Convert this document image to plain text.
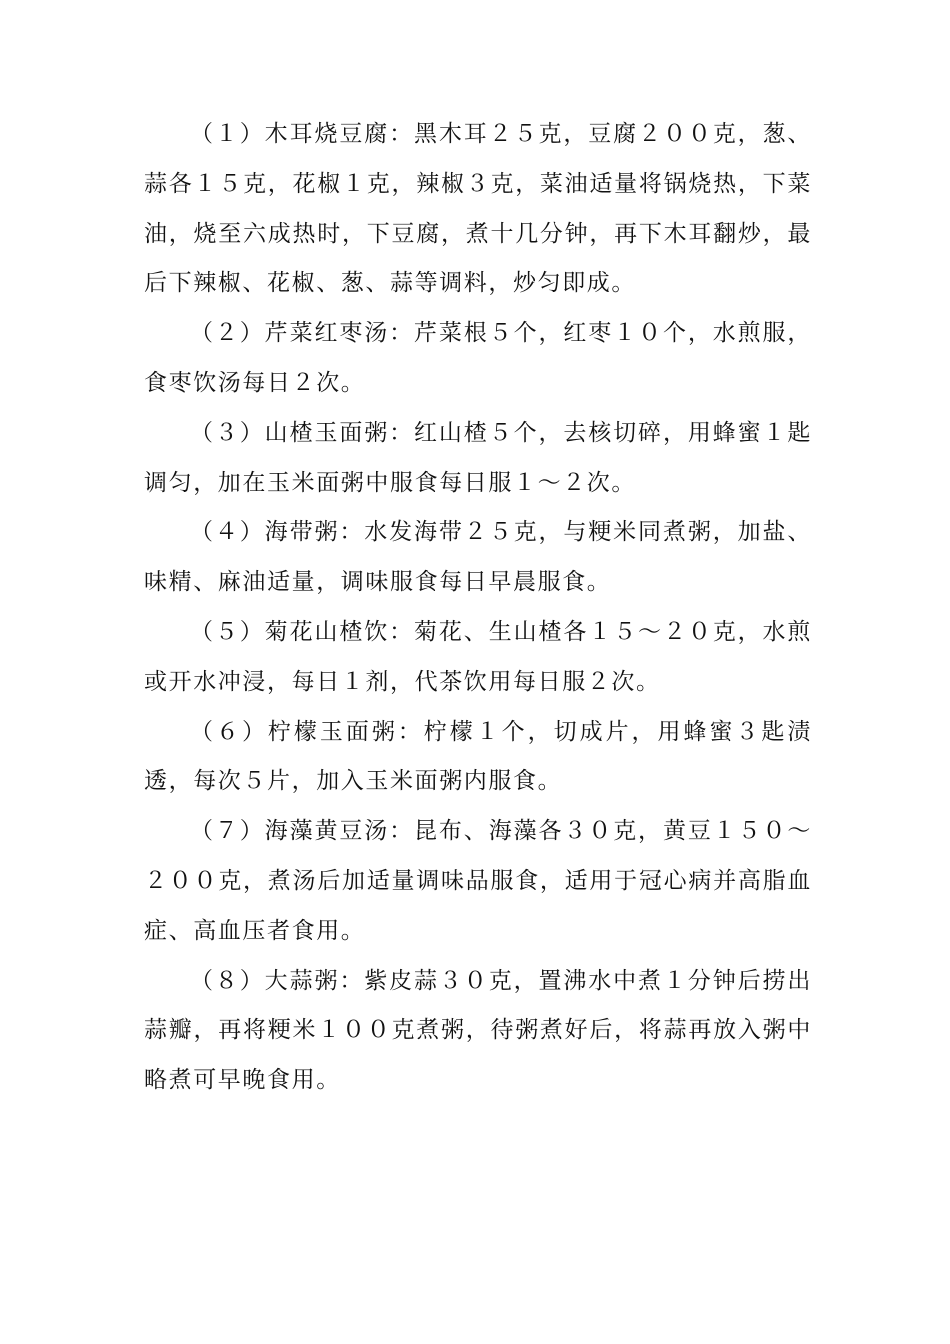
（１）木耳烧豆腐：黑木耳２５克，豆腐２００克，葱、蒜各１５克，花椒１克，辣椒３克，菜油适量将锅烧热，下菜油，烧至六成热时，下豆腐，煮十几分钟，再下木耳翻炒，最后下辣椒、花椒、葱、蒜等调料，炒匀即成。

（２）芹菜红枣汤：芹菜根５个，红枣１０个，水煎服，食枣饮汤每日２次。

（３）山楂玉面粥：红山楂５个，去核切碎，用蜂蜜１匙调匀，加在玉米面粥中服食每日服１～２次。

（４）海带粥：水发海带２５克，与粳米同煮粥，加盐、味精、麻油适量，调味服食每日早晨服食。

（５）菊花山楂饮：菊花、生山楂各１５～２０克，水煎或开水冲浸，每日１剂，代茶饮用每日服２次。

（６）柠檬玉面粥：柠檬１个，切成片，用蜂蜜３匙渍透，每次５片，加入玉米面粥内服食。

（７）海藻黄豆汤：昆布、海藻各３０克，黄豆１５０～２００克，煮汤后加适量调味品服食，适用于冠心病并高脂血症、高血压者食用。

（８）大蒜粥：紫皮蒜３０克，置沸水中煮１分钟后捞出蒜瓣，再将粳米１００克煮粥，待粥煮好后，将蒜再放入粥中略煮可早晚食用。
